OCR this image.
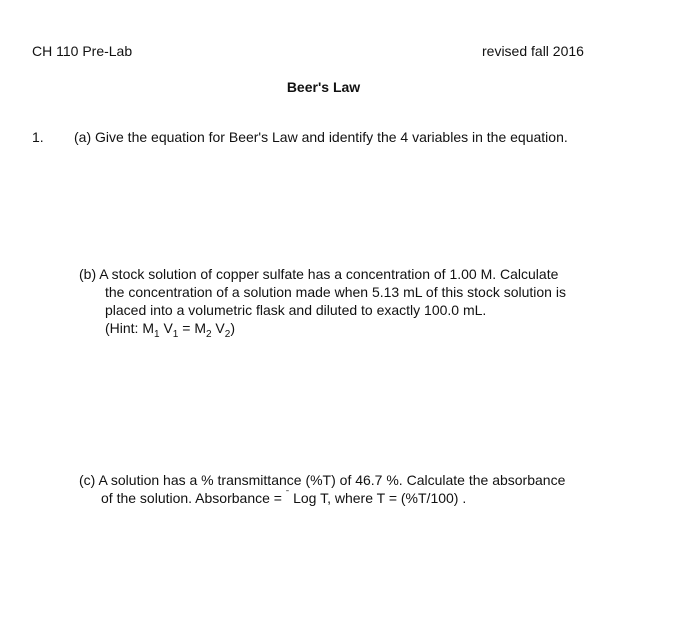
CH 110 Pre-Lab	revised fall 2016
Beer's Law
1. (a) Give the equation for Beer's Law and identify the 4 variables in the equation.
(b) A stock solution of copper sulfate has a concentration of 1.00 M. Calculate
the concentration of a solution made when 5.13 mL of this stock solution is
placed into a volumetric flask and diluted to exactly 100.0 mL.
(Hint: $M_1$ $V_1 = M_2$ $V_2$)
(c) A solution has a % transmittance (%T) of 46.7 %. Calculate the absorbance
of the solution. Absorbance = $^ˉ$ Log T, where T = (%T/100) .
